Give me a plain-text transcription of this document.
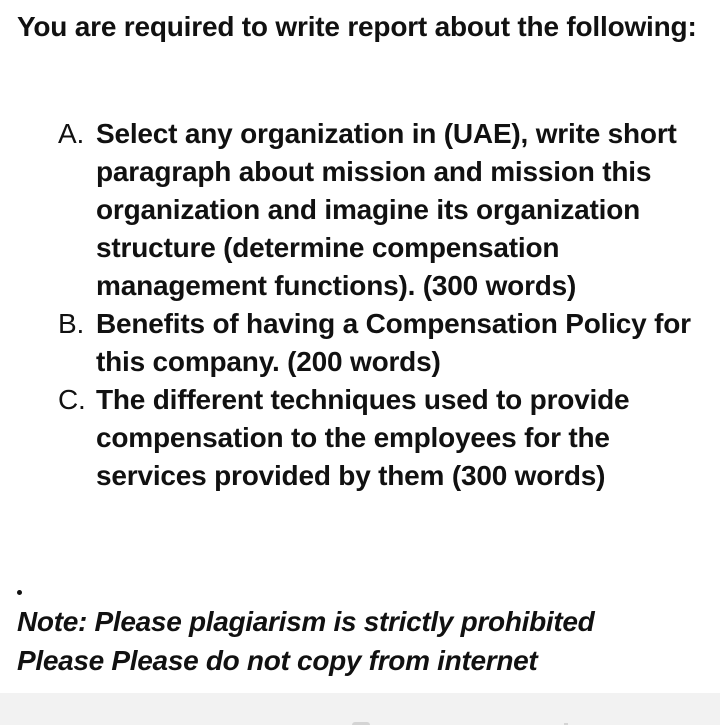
You are required to write report about the following:

A. Select any organization in (UAE), write short paragraph about mission and mission this organization and imagine its organization structure (determine compensation management functions). (300 words)
B. Benefits of having a Compensation Policy for this company. (200 words)
C. The different techniques used to provide compensation to the employees for the services provided by them (300 words)

Note: Please plagiarism is strictly prohibited
Please Please do not copy from internet
